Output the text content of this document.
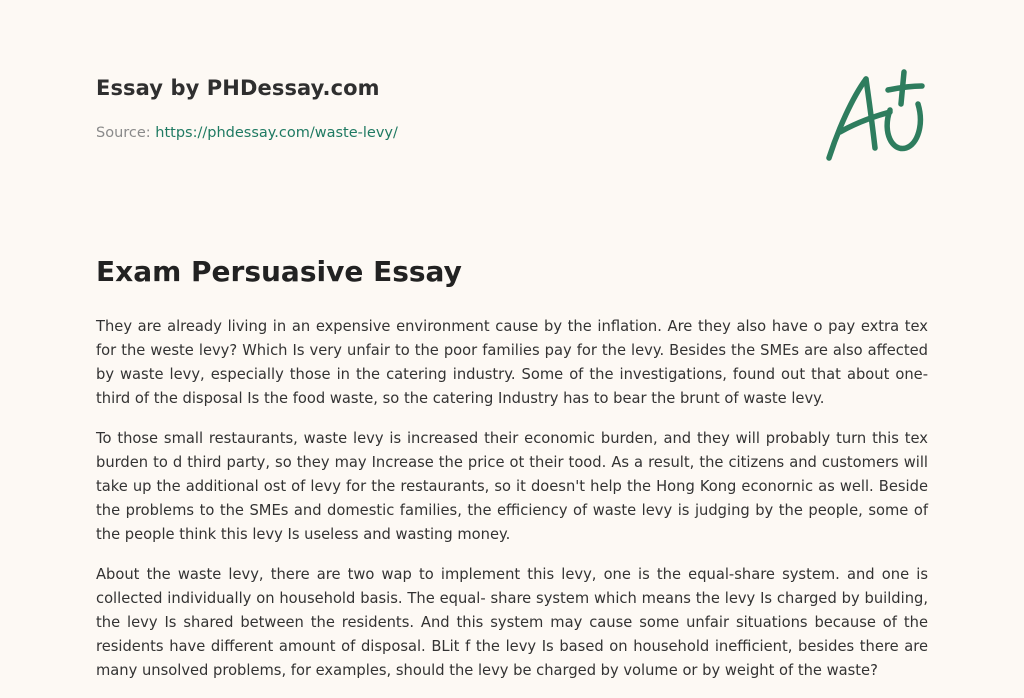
Essay by PHDessay.com
Source: https://phdessay.com/waste-levy/
Exam Persuasive Essay

They are already living in an expensive environment cause by the inflation. Are they also have o pay extra tex for the weste levy? Which Is very unfair to the poor families pay for the levy. Besides the SMEs are also affected by waste levy, especially those in the catering industry. Some of the investigations, found out that about one-third of the disposal Is the food waste, so the catering Industry has to bear the brunt of waste levy.

To those small restaurants, waste levy is increased their economic burden, and they will probably turn this tex burden to d third party, so they may Increase the price ot their tood. As a result, the citizens and customers will take up the additional ost of levy for the restaurants, so it doesn't help the Hong Kong econornic as well. Beside the problems to the SMEs and domestic families, the efficiency of waste levy is judging by the people, some of the people think this levy Is useless and wasting money.

About the waste levy, there are two wap to implement this levy, one is the equal-share system. and one is collected individually on household basis. The equal- share system which means the levy Is charged by building, the levy Is shared between the residents. And this system may cause some unfair situations because of the residents have different amount of disposal. BLit f the levy Is based on household inefficient, besides there are many unsolved problems, for examples, should the levy be charged by volume or by weight of the waste?
